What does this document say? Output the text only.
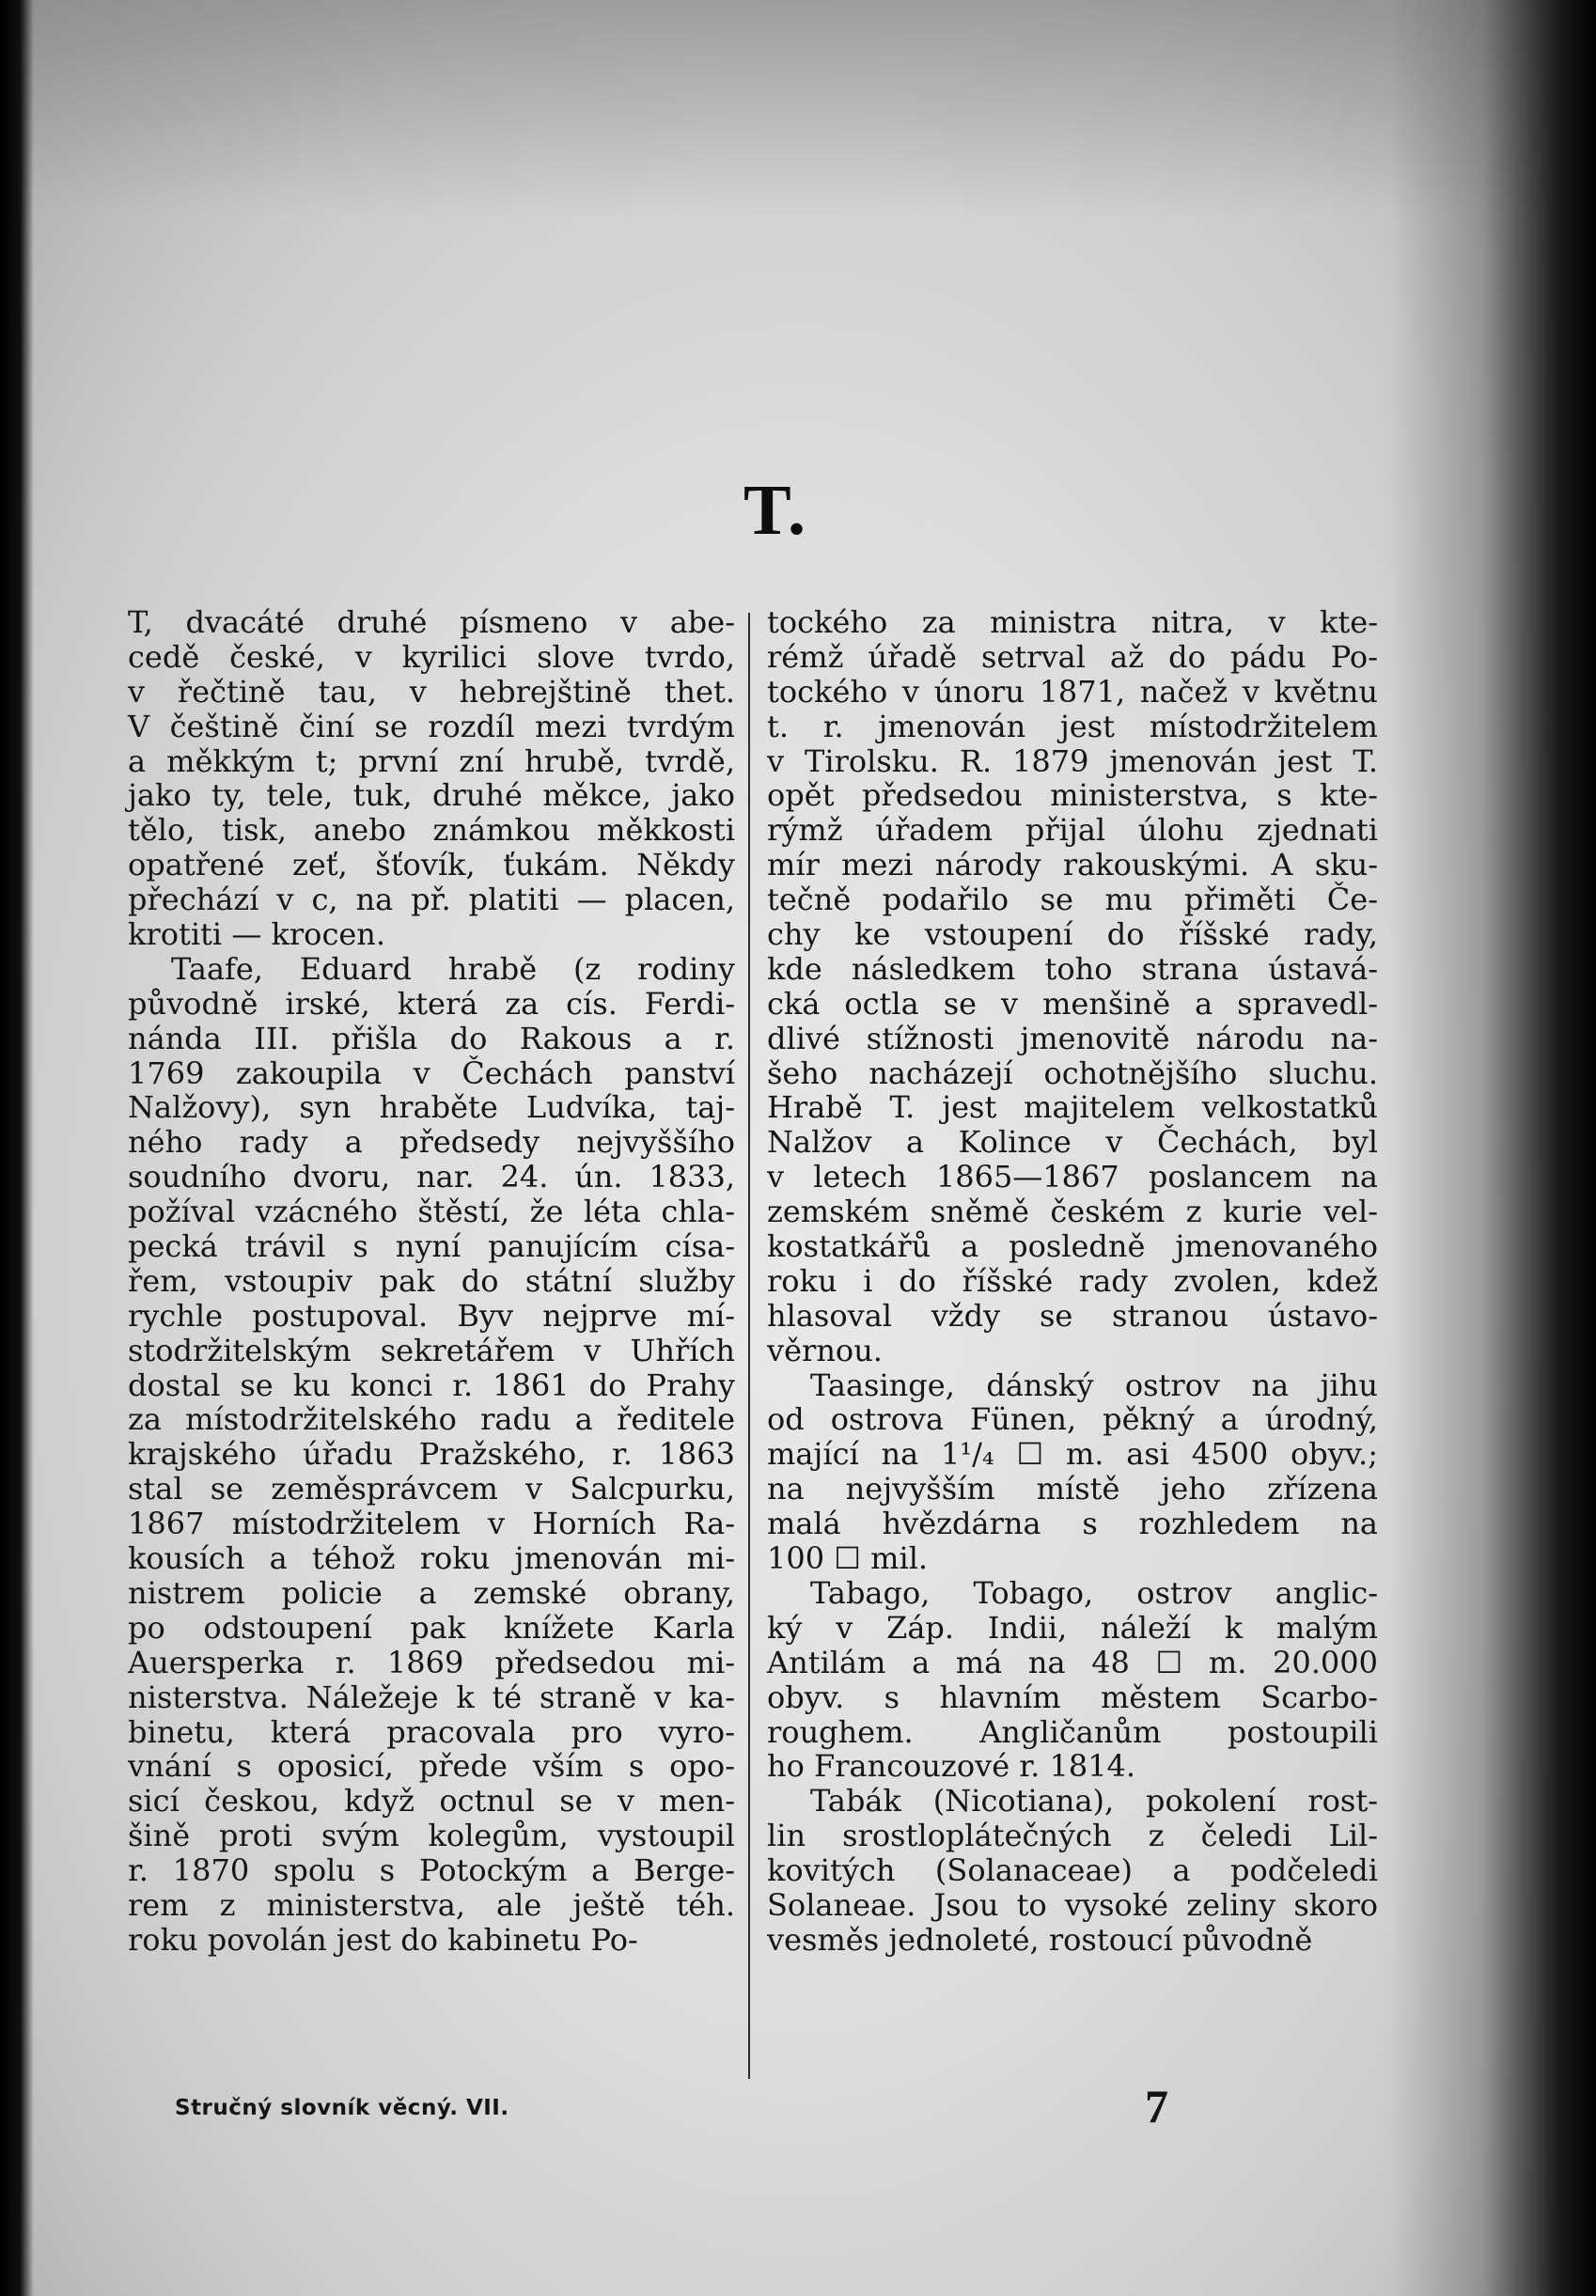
T.
T, dvacáté druhé písmeno v abe-
cedě české, v kyrilici slove tvrdo,
v řečtině tau, v hebrejštině thet.
V češtině činí se rozdíl mezi tvrdým
a měkkým t; první zní hrubě, tvrdě,
jako ty, tele, tuk, druhé měkce, jako
tělo, tisk, anebo známkou měkkosti
opatřené zeť, šťovík, ťukám. Někdy
přechází v c, na př. platiti — placen,
krotiti — krocen.
Taafe, Eduard hrabě (z rodiny
původně irské, která za cís. Ferdi-
nánda III. přišla do Rakous a r.
1769 zakoupila v Čechách panství
Nalžovy), syn hraběte Ludvíka, taj-
ného rady a předsedy nejvyššího
soudního dvoru, nar. 24. ún. 1833,
požíval vzácného štěstí, že léta chla-
pecká trávil s nyní panujícím císa-
řem, vstoupiv pak do státní služby
rychle postupoval. Byv nejprve mí-
stodržitelským sekretářem v Uhřích
dostal se ku konci r. 1861 do Prahy
za místodržitelského radu a ředitele
krajského úřadu Pražského, r. 1863
stal se zeměsprávcem v Salcpurku,
1867 místodržitelem v Horních Ra-
kousích a téhož roku jmenován mi-
nistrem policie a zemské obrany,
po odstoupení pak knížete Karla
Auersperka r. 1869 předsedou mi-
nisterstva. Náležeje k té straně v ka-
binetu, která pracovala pro vyro-
vnání s oposicí, přede vším s opo-
sicí českou, když octnul se v men-
šině proti svým kolegům, vystoupil
r. 1870 spolu s Potockým a Berge-
rem z ministerstva, ale ještě téh.
roku povolán jest do kabinetu Po-
tockého za ministra nitra, v kte-
rémž úřadě setrval až do pádu Po-
tockého v únoru 1871, načež v květnu
t. r. jmenován jest místodržitelem
v Tirolsku. R. 1879 jmenován jest T.
opět předsedou ministerstva, s kte-
rýmž úřadem přijal úlohu zjednati
mír mezi národy rakouskými. A sku-
tečně podařilo se mu přiměti Če-
chy ke vstoupení do říšské rady,
kde následkem toho strana ústavá-
cká octla se v menšině a spravedl-
dlivé stížnosti jmenovitě národu na-
šeho nacházejí ochotnějšího sluchu.
Hrabě T. jest majitelem velkostatků
Nalžov a Kolince v Čechách, byl
v letech 1865—1867 poslancem na
zemském sněmě českém z kurie vel-
kostatkářů a posledně jmenovaného
roku i do říšské rady zvolen, kdež
hlasoval vždy se stranou ústavo-
věrnou.
Taasinge, dánský ostrov na jihu
od ostrova Fünen, pěkný a úrodný,
mající na 1¹/₄ ☐ m. asi 4500 obyv.;
na nejvyšším místě jeho zřízena
malá hvězdárna s rozhledem na
100 ☐ mil.
Tabago, Tobago, ostrov anglic-
ký v Záp. Indii, náleží k malým
Antilám a má na 48 ☐ m. 20.000
obyv. s hlavním městem Scarbo-
roughem. Angličanům postoupili
ho Francouzové r. 1814.
Tabák (Nicotiana), pokolení rost-
lin srostloplátečných z čeledi Lil-
kovitých (Solanaceae) a podčeledi
Solaneae. Jsou to vysoké zeliny skoro
vesměs jednoleté, rostoucí původně
Stručný slovník věcný. VII.	7
